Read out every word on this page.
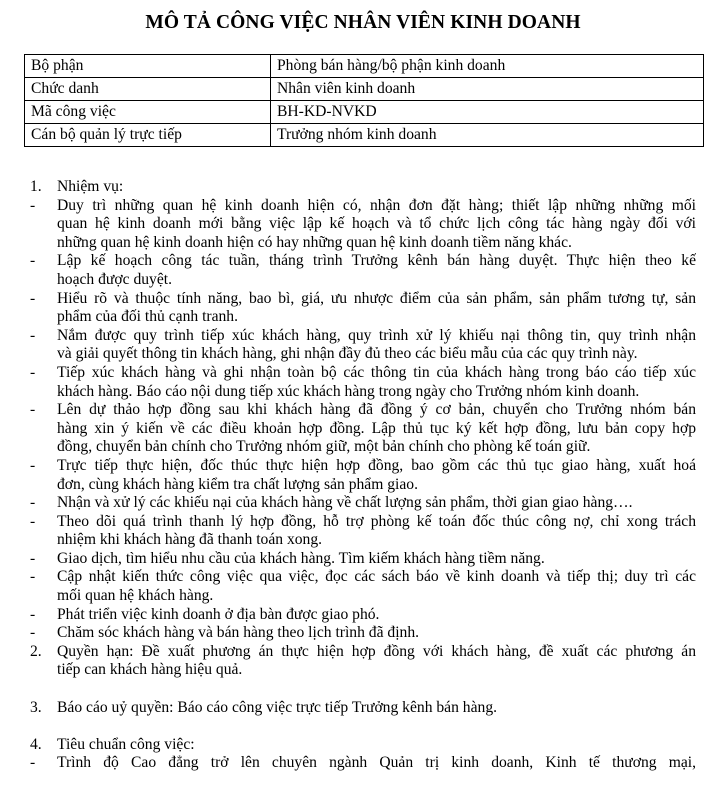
MÔ TẢ CÔNG VIỆC NHÂN VIÊN KINH DOANH
Bộ phận	Phòng bán hàng/bộ phận kinh doanh
Chức danh	Nhân viên kinh doanh
Mã công việc	BH-KD-NVKD
Cán bộ quản lý trực tiếp	Trưởng nhóm kinh doanh
1. Nhiệm vụ:
- Duy trì những quan hệ kinh doanh hiện có, nhận đơn đặt hàng; thiết lập những những mối
quan hệ kinh doanh mới bằng việc lập kế hoạch và tổ chức lịch công tác hàng ngày đối với
những quan hệ kinh doanh hiện có hay những quan hệ kinh doanh tiềm năng khác.
- Lập kế hoạch công tác tuần, tháng trình Trưởng kênh bán hàng duyệt. Thực hiện theo kế
hoạch được duyệt.
- Hiểu rõ và thuộc tính năng, bao bì, giá, ưu nhược điểm của sản phẩm, sản phẩm tương tự, sản
phẩm của đối thủ cạnh tranh.
- Nắm được quy trình tiếp xúc khách hàng, quy trình xử lý khiếu nại thông tin, quy trình nhận
và giải quyết thông tin khách hàng, ghi nhận đầy đủ theo các biểu mẫu của các quy trình này.
- Tiếp xúc khách hàng và ghi nhận toàn bộ các thông tin của khách hàng trong báo cáo tiếp xúc
khách hàng. Báo cáo nội dung tiếp xúc khách hàng trong ngày cho Trưởng nhóm kinh doanh.
- Lên dự thảo hợp đồng sau khi khách hàng đã đồng ý cơ bản, chuyển cho Trưởng nhóm bán
hàng xin ý kiến về các điều khoản hợp đồng. Lập thủ tục ký kết hợp đồng, lưu bản copy hợp
đồng, chuyển bản chính cho Trưởng nhóm giữ, một bản chính cho phòng kế toán giữ.
- Trực tiếp thực hiện, đốc thúc thực hiện hợp đồng, bao gồm các thủ tục giao hàng, xuất hoá
đơn, cùng khách hàng kiểm tra chất lượng sản phẩm giao.
- Nhận và xử lý các khiếu nại của khách hàng về chất lượng sản phẩm, thời gian giao hàng….
- Theo dõi quá trình thanh lý hợp đồng, hỗ trợ phòng kế toán đốc thúc công nợ, chỉ xong trách
nhiệm khi khách hàng đã thanh toán xong.
- Giao dịch, tìm hiểu nhu cầu của khách hàng. Tìm kiếm khách hàng tiềm năng.
- Cập nhật kiến thức công việc qua việc, đọc các sách báo về kinh doanh và tiếp thị; duy trì các
mối quan hệ khách hàng.
- Phát triển việc kinh doanh ở địa bàn được giao phó.
- Chăm sóc khách hàng và bán hàng theo lịch trình đã định.
2. Quyền hạn: Đề xuất phương án thực hiện hợp đồng với khách hàng, đề xuất các phương án
tiếp can khách hàng hiệu quả.
3. Báo cáo uỷ quyền: Báo cáo công việc trực tiếp Trưởng kênh bán hàng.
4. Tiêu chuẩn công việc:
- Trình độ Cao đẳng trở lên chuyên ngành Quản trị kinh doanh, Kinh tế thương mại,
